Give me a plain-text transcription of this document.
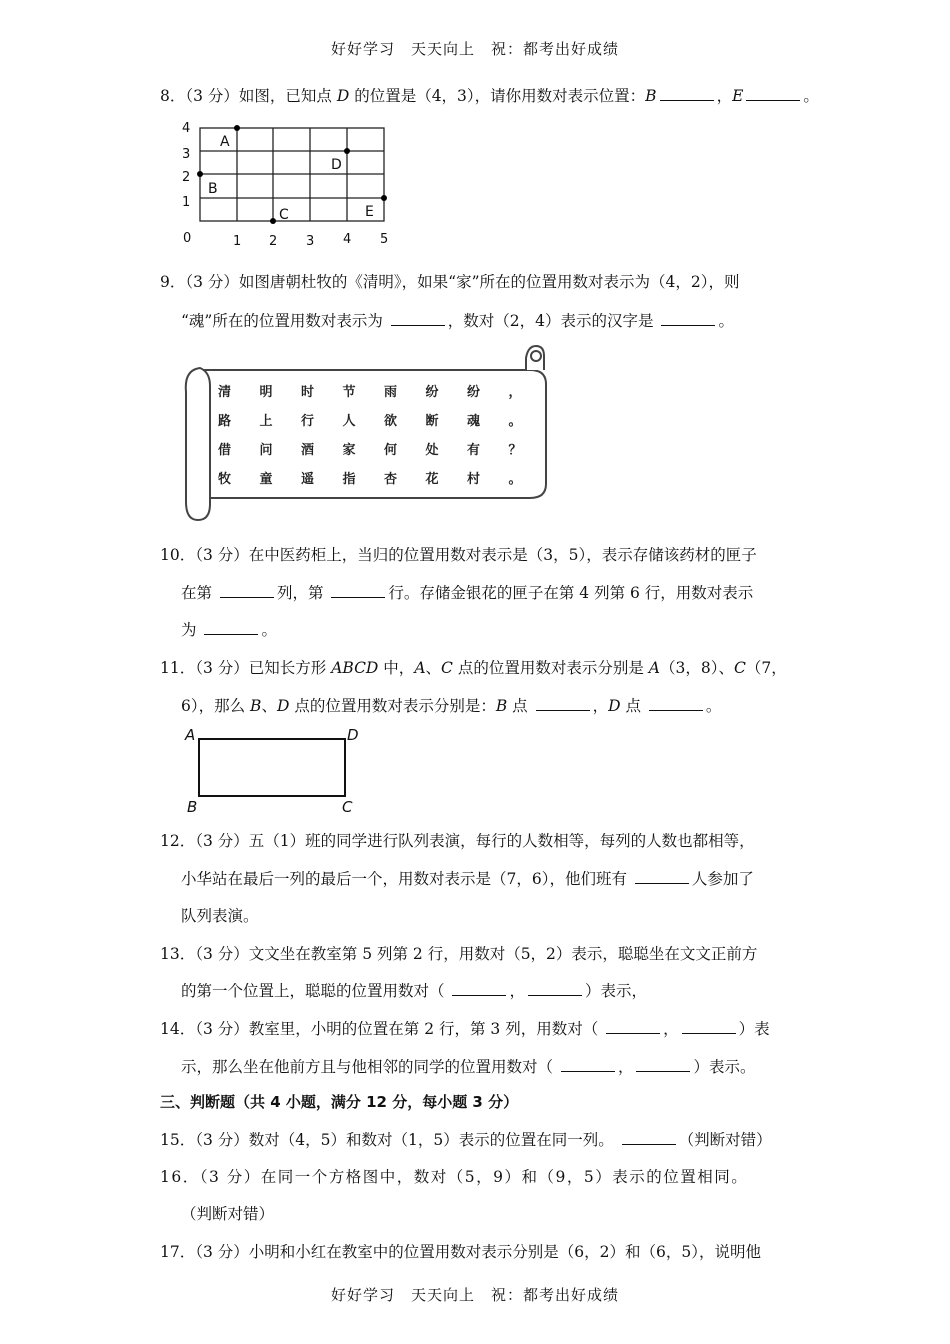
好好学习　天天向上　祝：都考出好成绩
8．（3 分）如图，已知点 D 的位置是（4，3），请你用数对表示位置：B	，E	。
0	1 2 3 4 5
1
2
3
4
A
B
C
D
E
9．（3 分）如图唐朝杜牧的《清明》，如果“家”所在的位置用数对表示为（4，2），则
“魂”所在的位置用数对表示为	，数对（2，4）表示的汉字是	。
清 明 时 节 雨 纷 纷 ，
路 上 行 人 欲 断 魂 。
借 问 酒 家 何 处 有 ？
牧 童 遥 指 杏 花 村 。
10．（3 分）在中医药柜上，当归的位置用数对表示是（3，5），表示存储该药材的匣子
在第	列，第	行。存储金银花的匣子在第 4 列第 6 行，用数对表示
为	。
11．（3 分）已知长方形 ABCD 中，A、C 点的位置用数对表示分别是 A（3，8）、C（7，
6），那么 B、D 点的位置用数对表示分别是：B 点	，D 点	。
A	D
B	C
12．（3 分）五（1）班的同学进行队列表演，每行的人数相等，每列的人数也都相等，
小华站在最后一列的最后一个，用数对表示是（7，6），他们班有	人参加了
队列表演。
13．（3 分）文文坐在教室第 5 列第 2 行，用数对（5，2）表示，聪聪坐在文文正前方
的第一个位置上，聪聪的位置用数对（	，	）表示，
14．（3 分）教室里，小明的位置在第 2 行，第 3 列，用数对（	，	）表
示，那么坐在他前方且与他相邻的同学的位置用数对（	，	）表示。
三、判断题（共 4 小题，满分 12 分，每小题 3 分）
15．（3 分）数对（4，5）和数对（1，5）表示的位置在同一列。	（判断对错）
16．（3 分）在同一个方格图中，数对（5，9）和（9，5）表示的位置相同。
（判断对错）
17．（3 分）小明和小红在教室中的位置用数对表示分别是（6，2）和（6，5），说明他
好好学习　天天向上　祝：都考出好成绩
